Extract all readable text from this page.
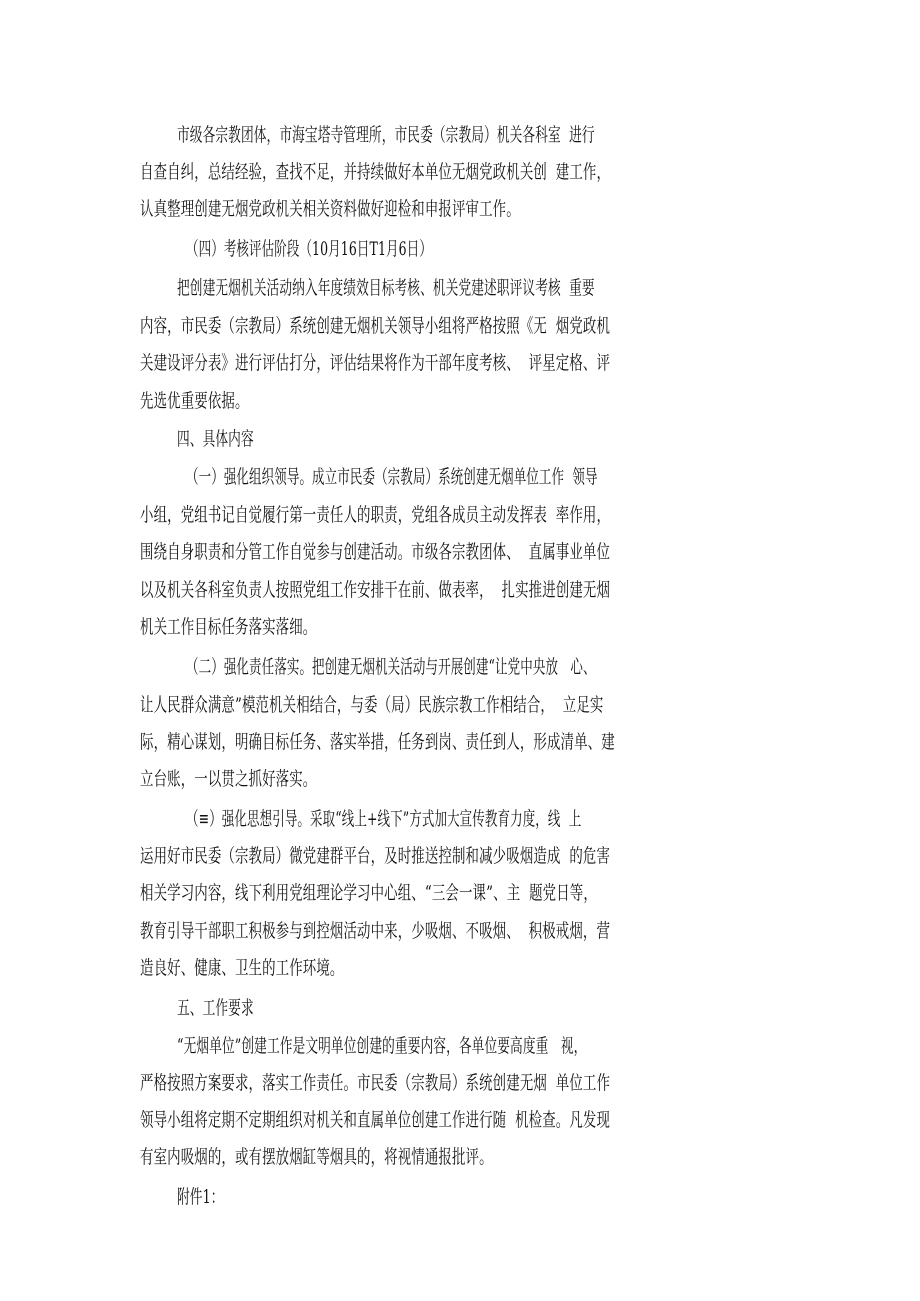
市级各宗教团体，市海宝塔寺管理所，市民委（宗教局）机关各科室  进行
自查自纠，总结经验，查找不足，并持续做好本单位无烟党政机关创  建工作，
认真整理创建无烟党政机关相关资料做好迎检和申报评审工作。
（四）考核评估阶段（10月16日T1月6日）
把创建无烟机关活动纳入年度绩效目标考核、机关党建述职评议考核  重要
内容，市民委（宗教局）系统创建无烟机关领导小组将严格按照《无  烟党政机
关建设评分表》进行评估打分，评估结果将作为干部年度考核、  评星定格、评
先选优重要依据。
四、具体内容
（一）强化组织领导。成立市民委（宗教局）系统创建无烟单位工作  领导
小组，党组书记自觉履行第一责任人的职责，党组各成员主动发挥表  率作用，
围绕自身职责和分管工作自觉参与创建活动。市级各宗教团体、  直属事业单位
以及机关各科室负责人按照党组工作安排干在前、做表率，  扎实推进创建无烟
机关工作目标任务落实落细。
（二）强化责任落实。把创建无烟机关活动与开展创建“让党中央放   心、
让人民群众满意”模范机关相结合，与委（局）民族宗教工作相结合，  立足实
际，精心谋划，明确目标任务、落实举措，任务到岗、责任到人，形成清单、建
立台账，一以贯之抓好落实。
（≡）强化思想引导。采取“线上+线下”方式加大宣传教育力度，线  上
运用好市民委（宗教局）微党建群平台，及时推送控制和减少吸烟造成  的危害
相关学习内容，线下利用党组理论学习中心组、“三会一课”、主  题党日等，
教育引导干部职工积极参与到控烟活动中来，少吸烟、不吸烟、  积极戒烟，营
造良好、健康、卫生的工作环境。
五、工作要求
“无烟单位”创建工作是文明单位创建的重要内容，各单位要高度重   视，
严格按照方案要求，落实工作责任。市民委（宗教局）系统创建无烟  单位工作
领导小组将定期不定期组织对机关和直属单位创建工作进行随  机检查。凡发现
有室内吸烟的，或有摆放烟缸等烟具的，将视情通报批评。
附件1：
